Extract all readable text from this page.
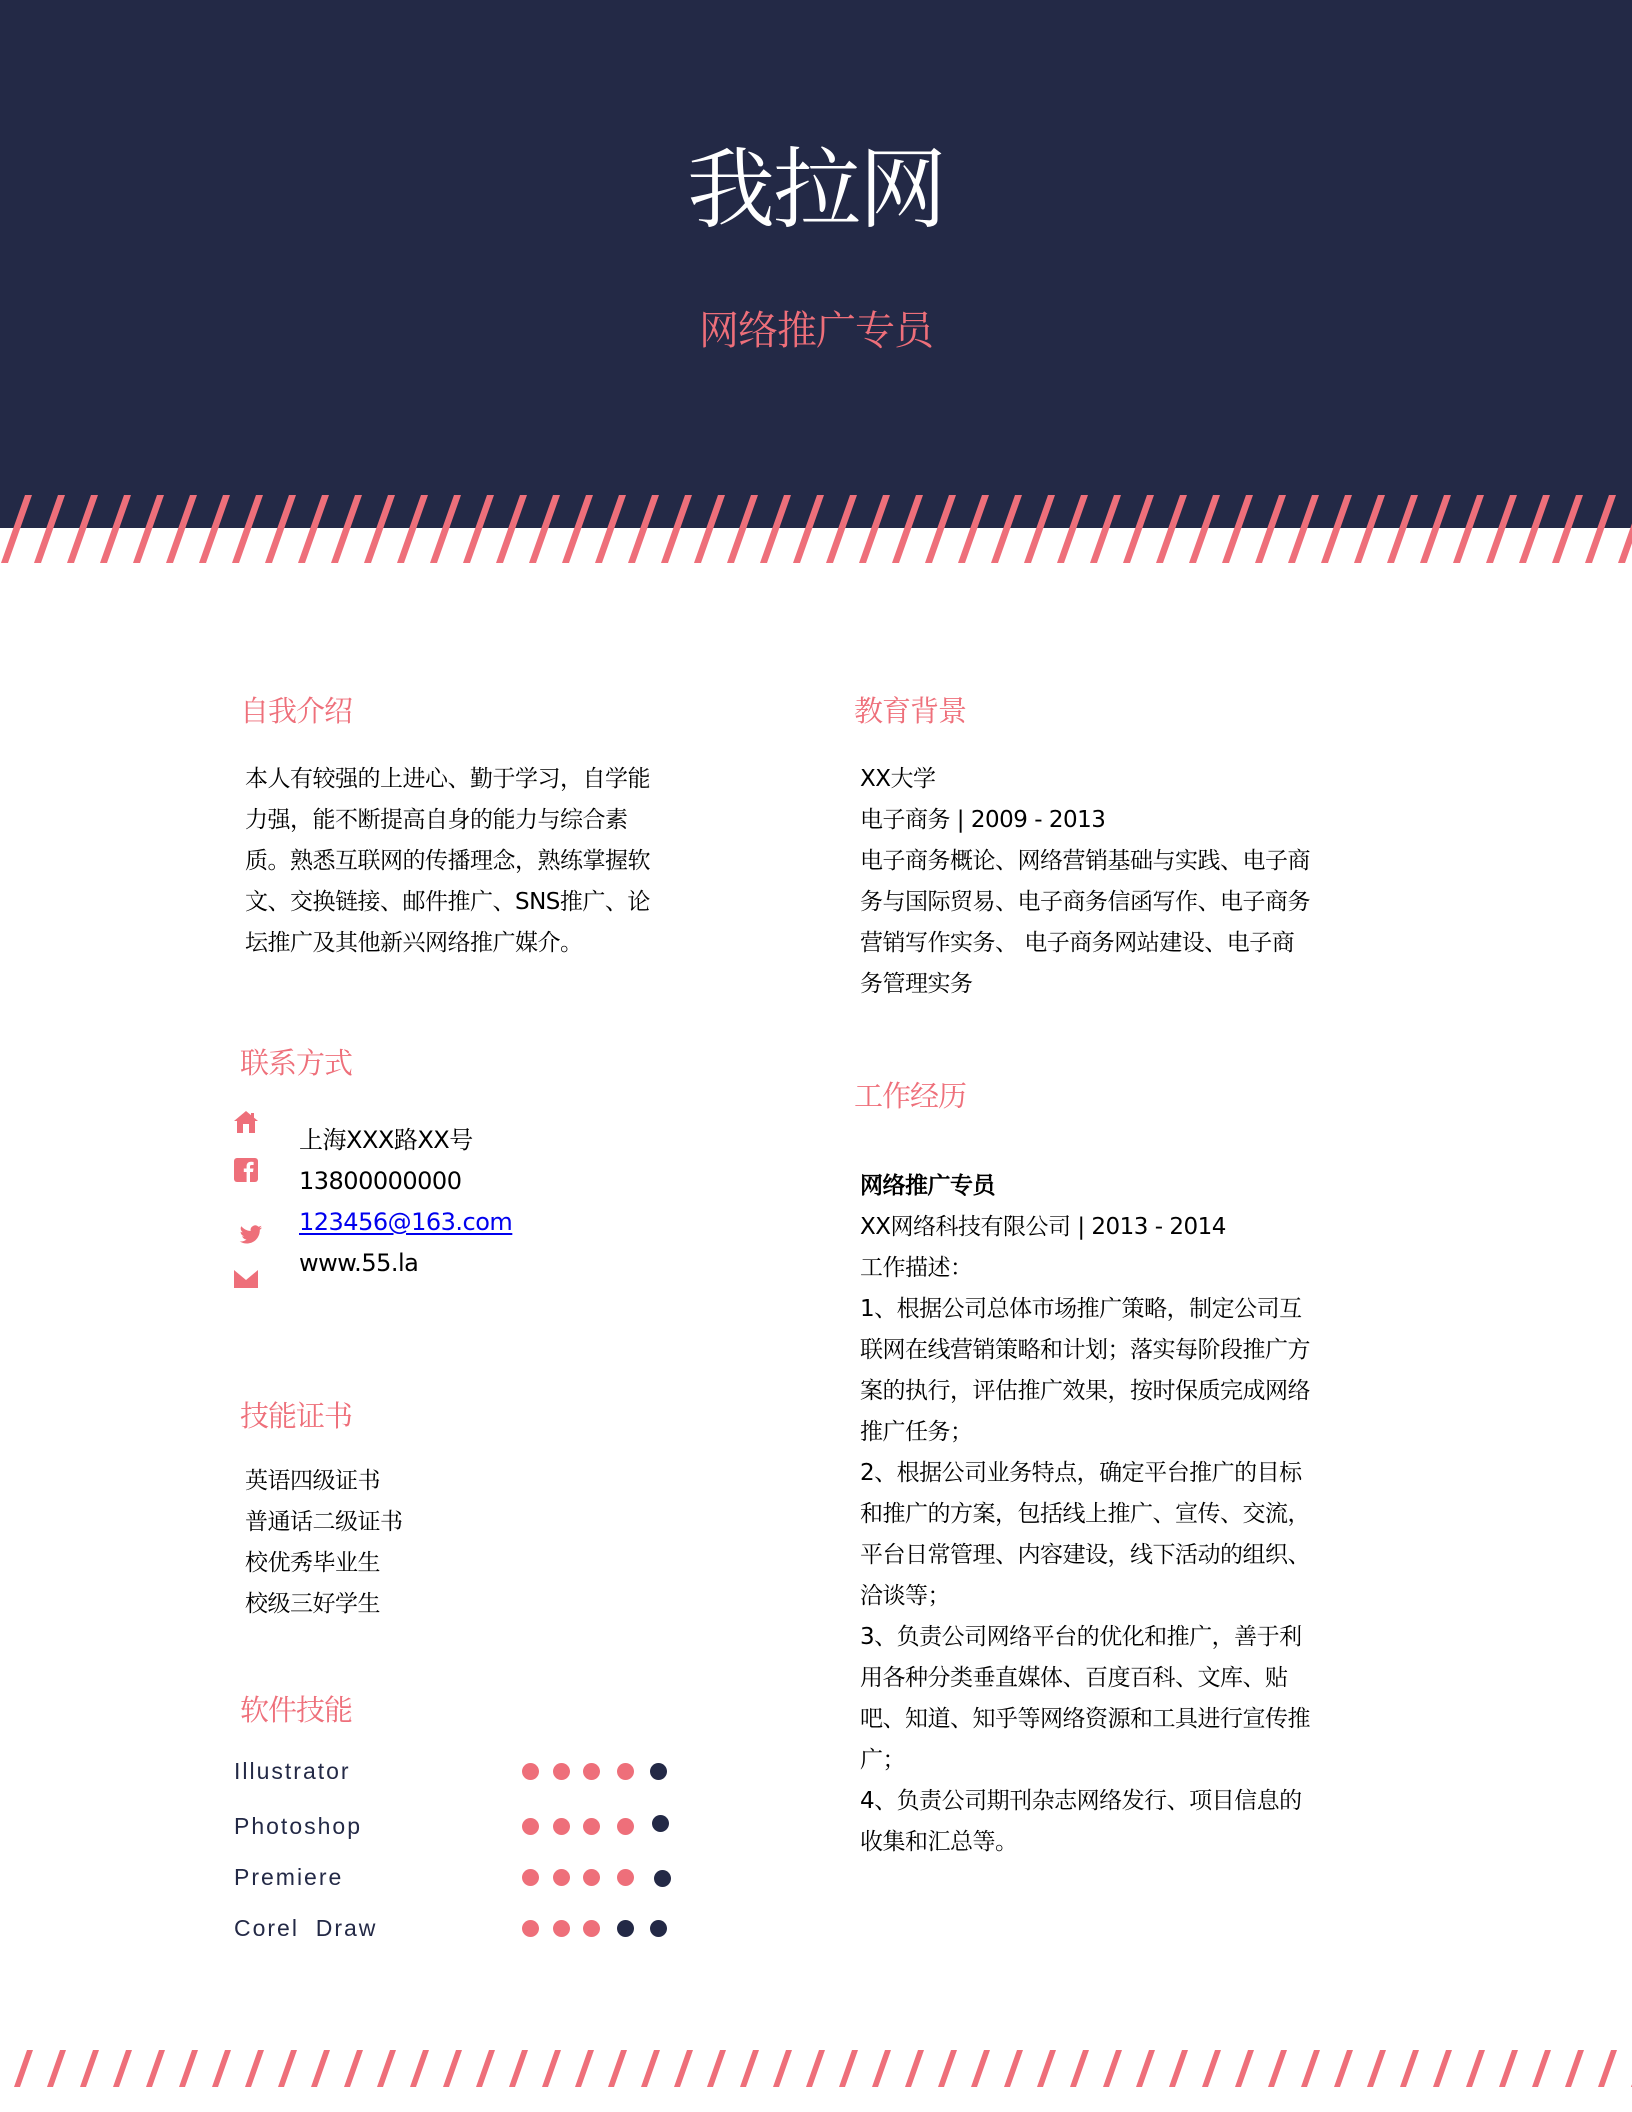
我拉网
网络推广专员
自我介绍

本人有较强的上进心、勤于学习，自学能

力强，能不断提高自身的能力与综合素

质。熟悉互联网的传播理念，熟练掌握软

文、交换链接、邮件推广、SNS推广、论

坛推广及其他新兴网络推广媒介。

联系方式
上海XXX路XX号
13800000000
123456@163.com
www.55.la
技能证书

英语四级证书

普通话二级证书

校优秀毕业生

校级三好学生

软件技能
Illustrator
Photoshop
Premiere
Corel  Draw
教育背景

XX大学

电子商务 | 2009 - 2013

电子商务概论、网络营销基础与实践、电子商

务与国际贸易、电子商务信函写作、电子商务

营销写作实务、 电子商务网站建设、电子商

务管理实务

工作经历

网络推广专员

XX网络科技有限公司 | 2013 - 2014

工作描述：

1、根据公司总体市场推广策略，制定公司互

联网在线营销策略和计划；落实每阶段推广方

案的执行，评估推广效果，按时保质完成网络

推广任务；

2、根据公司业务特点，确定平台推广的目标

和推广的方案，包括线上推广、宣传、交流，

平台日常管理、内容建设，线下活动的组织、

洽谈等；

3、负责公司网络平台的优化和推广，善于利

用各种分类垂直媒体、百度百科、文库、贴

吧、知道、知乎等网络资源和工具进行宣传推

广；

4、负责公司期刊杂志网络发行、项目信息的

收集和汇总等。
